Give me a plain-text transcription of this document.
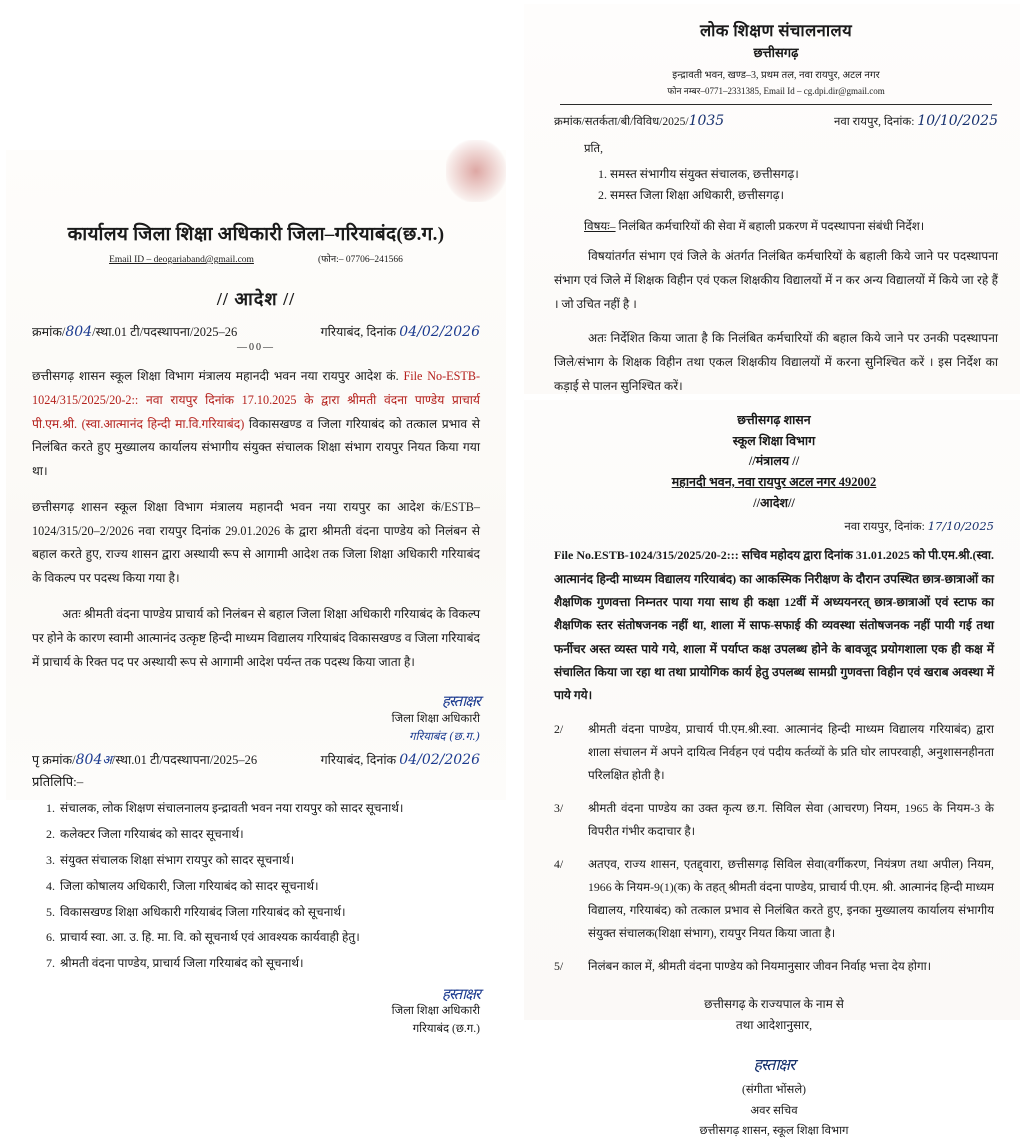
कार्यालय जिला शिक्षा अधिकारी जिला–गरियाबंद(छ.ग.)
Email ID – deogariaband@gmail.com	(फोन:– 07706–241566
// आदेश //
क्रमांक/804/स्था.01 टी/पदस्थापना/2025–26	गरियाबंद, दिनांक 04/02/2026
—00—

छत्तीसगढ़ शासन स्कूल शिक्षा विभाग मंत्रालय महानदी भवन नया रायपुर आदेश कं. File No-ESTB-1024/315/2025/20-2:: नवा रायपुर दिनांक 17.10.2025 के द्वारा श्रीमती वंदना पाण्डेय प्राचार्य पी.एम.श्री. (स्वा.आत्मानंद हिन्दी मा.वि.गरियाबंद) विकासखण्ड व जिला गरियाबंद को तत्काल प्रभाव से निलंबित करते हुए मुख्यालय कार्यालय संभागीय संयुक्त संचालक शिक्षा संभाग रायपुर नियत किया गया था।

छत्तीसगढ़ शासन स्कूल शिक्षा विभाग मंत्रालय महानदी भवन नया रायपुर का आदेश कं/ESTB–1024/315/20–2/2026 नवा रायपुर दिनांक 29.01.2026 के द्वारा श्रीमती वंदना पाण्डेय को निलंबन से बहाल करते हुए, राज्य शासन द्वारा अस्थायी रूप से आगामी आदेश तक जिला शिक्षा अधिकारी गरियाबंद के विकल्प पर पदस्थ किया गया है।

अतः श्रीमती वंदना पाण्डेय प्राचार्य को निलंबन से बहाल जिला शिक्षा अधिकारी गरियाबंद के विकल्प पर होने के कारण स्वामी आत्मानंद उत्कृष्ट हिन्दी माध्यम विद्यालय गरियाबंद विकासखण्ड व जिला गरियाबंद में प्राचार्य के रिक्त पद पर अस्थायी रूप से आगामी आदेश पर्यन्त तक पदस्थ किया जाता है।

हस्ताक्षर
जिला शिक्षा अधिकारी
गरियाबंद (छ.ग.)
पृ क्रमांक/804अ/स्था.01 टी/पदस्थापना/2025–26	गरियाबंद, दिनांक 04/02/2026
प्रतिलिपि:–
1. संचालक, लोक शिक्षण संचालनालय इन्द्रावती भवन नया रायपुर को सादर सूचनार्थ।
2. कलेक्टर जिला गरियाबंद को सादर सूचनार्थ।
3. संयुक्त संचालक शिक्षा संभाग रायपुर को सादर सूचनार्थ।
4. जिला कोषालय अधिकारी, जिला गरियाबंद को सादर सूचनार्थ।
5. विकासखण्ड शिक्षा अधिकारी गरियाबंद जिला गरियाबंद को सूचनार्थ।
6. प्राचार्य स्वा. आ. उ. हि. मा. वि. को सूचनार्थ एवं आवश्यक कार्यवाही हेतु।
7. श्रीमती वंदना पाण्डेय, प्राचार्य जिला गरियाबंद को सूचनार्थ।
हस्ताक्षर
जिला शिक्षा अधिकारी
गरियाबंद (छ.ग.)
लोक शिक्षण संचालनालय
छत्तीसगढ़
इन्द्रावती भवन, खण्ड–3, प्रथम तल, नवा रायपुर, अटल नगर
फोन नम्बर–0771–2331385, Email Id – cg.dpi.dir@gmail.com
क्रमांक/सतर्कता/बी/विविध/2025/1035	नवा रायपुर, दिनांक: 10/10/2025
प्रति,
1. समस्त संभागीय संयुक्त संचालक, छत्तीसगढ़।
2. समस्त जिला शिक्षा अधिकारी, छत्तीसगढ़।
विषयः– निलंबित कर्मचारियों की सेवा में बहाली प्रकरण में पदस्थापना संबंधी निर्देश।

विषयांतर्गत संभाग एवं जिले के अंतर्गत निलंबित कर्मचारियों के बहाली किये जाने पर पदस्थापना संभाग एवं जिले में शिक्षक विहीन एवं एकल शिक्षकीय विद्यालयों में न कर अन्य विद्यालयों में किये जा रहे हैं । जो उचित नहीं है ।

अतः निर्देशित किया जाता है कि निलंबित कर्मचारियों की बहाल किये जाने पर उनकी पदस्थापना जिले/संभाग के शिक्षक विहीन तथा एकल शिक्षकीय विद्यालयों में करना सुनिश्चित करें । इस निर्देश का कड़ाई से पालन सुनिश्चित करें।

छत्तीसगढ़ शासन
स्कूल शिक्षा विभाग
//मंत्रालय //
महानदी भवन, नवा रायपुर अटल नगर 492002
//आदेश//
नवा रायपुर, दिनांक: 17/10/2025
File No.ESTB-1024/315/2025/20-2::: सचिव महोदय द्वारा दिनांक 31.01.2025 को पी.एम.श्री.(स्वा. आत्मानंद हिन्दी माध्यम विद्यालय गरियाबंद) का आकस्मिक निरीक्षण के दौरान उपस्थित छात्र-छात्राओं का शैक्षणिक गुणवत्ता निम्नतर पाया गया साथ ही कक्षा 12वीं में अध्ययनरत् छात्र-छात्राओं एवं स्टाफ का शैक्षणिक स्तर संतोषजनक नहीं था, शाला में साफ-सफाई की व्यवस्था संतोषजनक नहीं पायी गई तथा फर्नीचर अस्त व्यस्त पाये गये, शाला में पर्याप्त कक्ष उपलब्ध होने के बावजूद प्रयोगशाला एक ही कक्ष में संचालित किया जा रहा था तथा प्रायोगिक कार्य हेतु उपलब्ध सामग्री गुणवत्ता विहीन एवं खराब अवस्था में पाये गये।
2/	श्रीमती वंदना पाण्डेय, प्राचार्य पी.एम.श्री.स्वा. आत्मानंद हिन्दी माध्यम विद्यालय गरियाबंद) द्वारा शाला संचालन में अपने दायित्व निर्वहन एवं पदीय कर्तव्यों के प्रति घोर लापरवाही, अनुशासनहीनता परिलक्षित होती है।
3/	श्रीमती वंदना पाण्डेय का उक्त कृत्य छ.ग. सिविल सेवा (आचरण) नियम, 1965 के नियम-3 के विपरीत गंभीर कदाचार है।
4/	अतएव, राज्य शासन, एतद्द्वारा, छत्तीसगढ़ सिविल सेवा(वर्गीकरण, नियंत्रण तथा अपील) नियम, 1966 के नियम-9(1)(क) के तहत् श्रीमती वंदना पाण्डेय, प्राचार्य पी.एम. श्री. आत्मानंद हिन्दी माध्यम विद्यालय, गरियाबंद) को तत्काल प्रभाव से निलंबित करते हुए, इनका मुख्यालय कार्यालय संभागीय संयुक्त संचालक(शिक्षा संभाग), रायपुर नियत किया जाता है।
5/	निलंबन काल में, श्रीमती वंदना पाण्डेय को नियमानुसार जीवन निर्वाह भत्ता देय होगा।
छत्तीसगढ़ के राज्यपाल के नाम से
तथा आदेशानुसार,
हस्ताक्षर
(संगीता भोंसले)
अवर सचिव
छत्तीसगढ़ शासन, स्कूल शिक्षा विभाग
